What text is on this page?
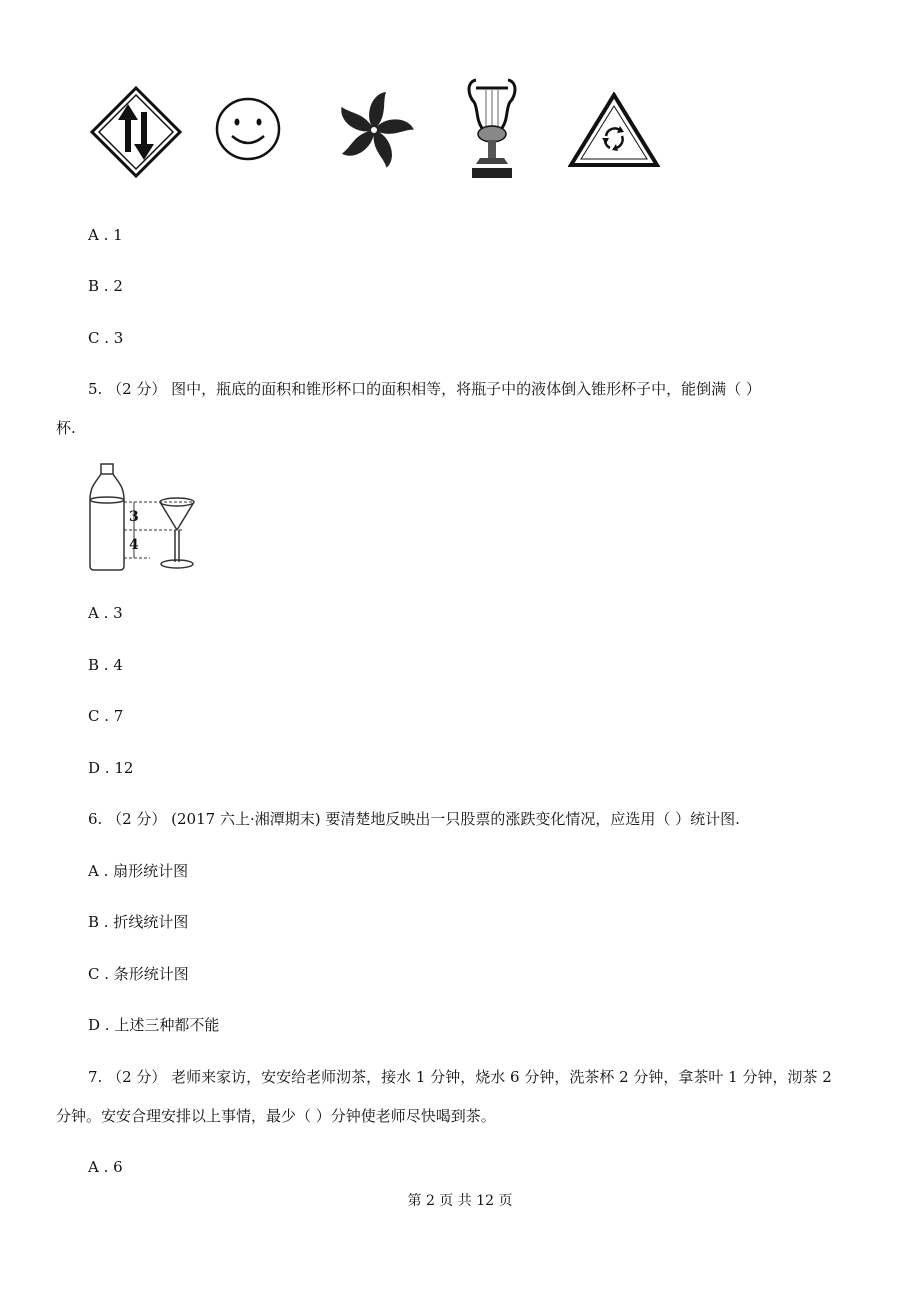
A . 1
B . 2
C . 3
5. （2 分） 图中，瓶底的面积和锥形杯口的面积相等，将瓶子中的液体倒入锥形杯子中，能倒满（ ）
杯.
3
4
A . 3
B . 4
C . 7
D . 12
6. （2 分） (2017 六上·湘潭期末) 要清楚地反映出一只股票的涨跌变化情况，应选用（ ）统计图.
A . 扇形统计图
B . 折线统计图
C . 条形统计图
D . 上述三种都不能
7. （2 分） 老师来家访，安安给老师沏茶，接水 1 分钟，烧水 6 分钟，洗茶杯 2 分钟，拿茶叶 1 分钟，沏茶 2
分钟。安安合理安排以上事情，最少（ ）分钟使老师尽快喝到茶。
A . 6
第 2 页 共 12 页
